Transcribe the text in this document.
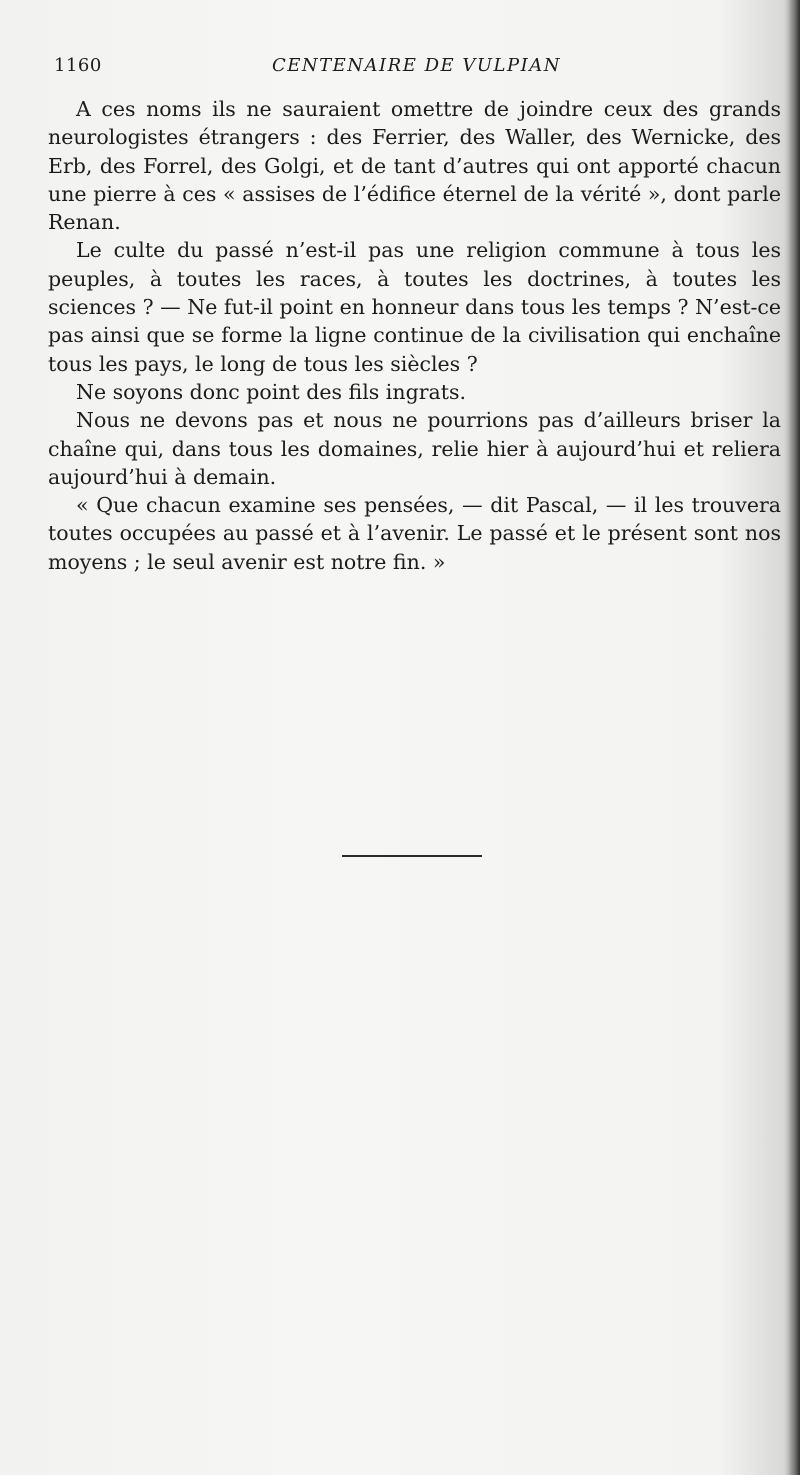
1160	CENTENAIRE DE VULPIAN

A ces noms ils ne sauraient omettre de joindre ceux des grands neurologistes étrangers : des Ferrier, des Waller, des Wernicke, des Erb, des Forrel, des Golgi, et de tant d’autres qui ont apporté chacun une pierre à ces « assises de l’édifice éternel de la vérité », dont parle Renan.

Le culte du passé n’est-il pas une religion commune à tous les peuples, à toutes les races, à toutes les doctrines, à toutes les sciences ? — Ne fut-il point en honneur dans tous les temps ? N’est-ce pas ainsi que se forme la ligne continue de la civilisation qui enchaîne tous les pays, le long de tous les siècles ?

Ne soyons donc point des fils ingrats.

Nous ne devons pas et nous ne pourrions pas d’ailleurs briser la chaîne qui, dans tous les domaines, relie hier à aujourd’hui et reliera aujourd’hui à demain.

« Que chacun examine ses pensées, — dit Pascal, — il les trouvera toutes occupées au passé et à l’avenir. Le passé et le présent sont nos moyens ; le seul avenir est notre fin. »
